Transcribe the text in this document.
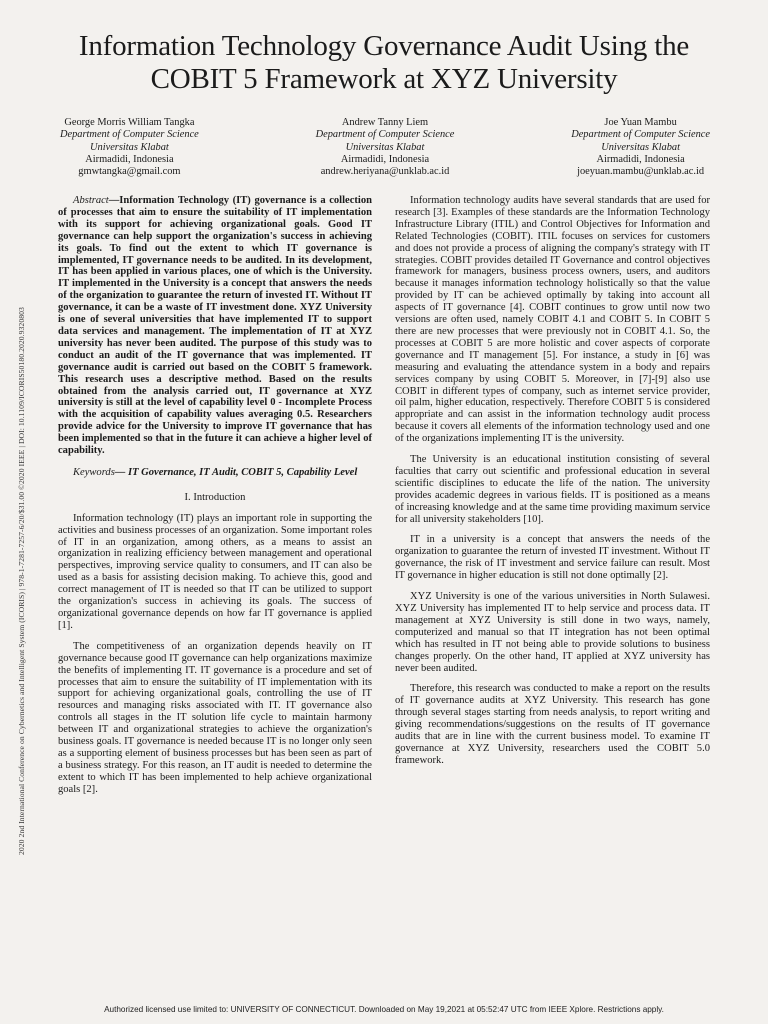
Information Technology Governance Audit Using the COBIT 5 Framework at XYZ University
George Morris William Tangka
Department of Computer Science
Universitas Klabat
Airmadidi, Indonesia
gmwtangka@gmail.com
Andrew Tanny Liem
Department of Computer Science
Universitas Klabat
Airmadidi, Indonesia
andrew.heriyana@unklab.ac.id
Joe Yuan Mambu
Department of Computer Science
Universitas Klabat
Airmadidi, Indonesia
joeyuan.mambu@unklab.ac.id
2020 2nd International Conference on Cybernetics and Intelligent System (ICORIS) | 978-1-7281-7257-6/20/$31.00 ©2020 IEEE | DOI: 10.1109/ICORIS50180.2020.9320803

Abstract—Information Technology (IT) governance is a collection of processes that aim to ensure the suitability of IT implementation with its support for achieving organizational goals. Good IT governance can help support the organization's success in achieving its goals. To find out the extent to which IT governance is implemented, IT governance needs to be audited. In its development, IT has been applied in various places, one of which is the University. IT implemented in the University is a concept that answers the needs of the organization to guarantee the return of invested IT. Without IT governance, it can be a waste of IT investment done. XYZ University is one of several universities that have implemented IT to support data services and management. The implementation of IT at XYZ university has never been audited. The purpose of this study was to conduct an audit of the IT governance that was implemented. IT governance audit is carried out based on the COBIT 5 framework. This research uses a descriptive method. Based on the results obtained from the analysis carried out, IT governance at XYZ university is still at the level of capability level 0 - Incomplete Process with the acquisition of capability values averaging 0.5. Researchers provide advice for the University to improve IT governance that has been implemented so that in the future it can achieve a higher level of capability.

Keywords— IT Governance, IT Audit, COBIT 5, Capability Level

I. Introduction

Information technology (IT) plays an important role in supporting the activities and business processes of an organization. Some important roles of IT in an organization, among others, as a means to assist an organization in realizing efficiency between management and operational perspectives, improving service quality to consumers, and IT can also be used as a basis for assisting decision making. To achieve this, good and correct management of IT is needed so that IT can be utilized to support the organization's success in achieving its goals. The success of organizational governance depends on how far IT governance is applied [1].

The competitiveness of an organization depends heavily on IT governance because good IT governance can help organizations maximize the benefits of implementing IT. IT governance is a procedure and set of processes that aim to ensure the suitability of IT implementation with its support for achieving organizational goals, controlling the use of IT resources and managing risks associated with IT. IT governance also controls all stages in the IT solution life cycle to maintain harmony between IT and organizational strategies to achieve the organization's business goals. IT governance is needed because IT is no longer only seen as a supporting element of business processes but has been seen as part of a business strategy. For this reason, an IT audit is needed to determine the extent to which IT has been implemented to help achieve organizational goals [2].

Information technology audits have several standards that are used for research [3]. Examples of these standards are the Information Technology Infrastructure Library (ITIL) and Control Objectives for Information and Related Technologies (COBIT). ITIL focuses on services for customers and does not provide a process of aligning the company's strategy with IT strategies. COBIT provides detailed IT Governance and control objectives framework for managers, business process owners, users, and auditors because it manages information technology holistically so that the value provided by IT can be achieved optimally by taking into account all aspects of IT governance [4]. COBIT continues to grow until now two versions are often used, namely COBIT 4.1 and COBIT 5. In COBIT 5 there are new processes that were previously not in COBIT 4.1. So, the processes at COBIT 5 are more holistic and cover aspects of corporate governance and IT management [5]. For instance, a study in [6] was measuring and evaluating the attendance system in a body and repairs services company by using COBIT 5. Moreover, in [7]-[9] also use COBIT in different types of company, such as internet service provider, oil palm, higher education, respectively. Therefore COBIT 5 is considered appropriate and can assist in the information technology audit process because it covers all elements of the information technology used and one of the organizations implementing IT is the university.

The University is an educational institution consisting of several faculties that carry out scientific and professional education in several scientific disciplines to educate the life of the nation. The university provides academic degrees in various fields. IT is positioned as a means of increasing knowledge and at the same time providing maximum service for all university stakeholders [10].

IT in a university is a concept that answers the needs of the organization to guarantee the return of invested IT investment. Without IT governance, the risk of IT investment and service failure can result. Most IT governance in higher education is still not done optimally [2].

XYZ University is one of the various universities in North Sulawesi. XYZ University has implemented IT to help service and process data. IT management at XYZ University is still done in two ways, namely, computerized and manual so that IT integration has not been optimal which has resulted in IT not being able to provide solutions to business changes properly. On the other hand, IT applied at XYZ university has never been audited.

Therefore, this research was conducted to make a report on the results of IT governance audits at XYZ University. This research has gone through several stages starting from needs analysis, to report writing and giving recommendations/suggestions on the results of IT governance audits that are in line with the current business model. To examine IT governance at XYZ University, researchers used the COBIT 5.0 framework.

Authorized licensed use limited to: UNIVERSITY OF CONNECTICUT. Downloaded on May 19,2021 at 05:52:47 UTC from IEEE Xplore. Restrictions apply.
